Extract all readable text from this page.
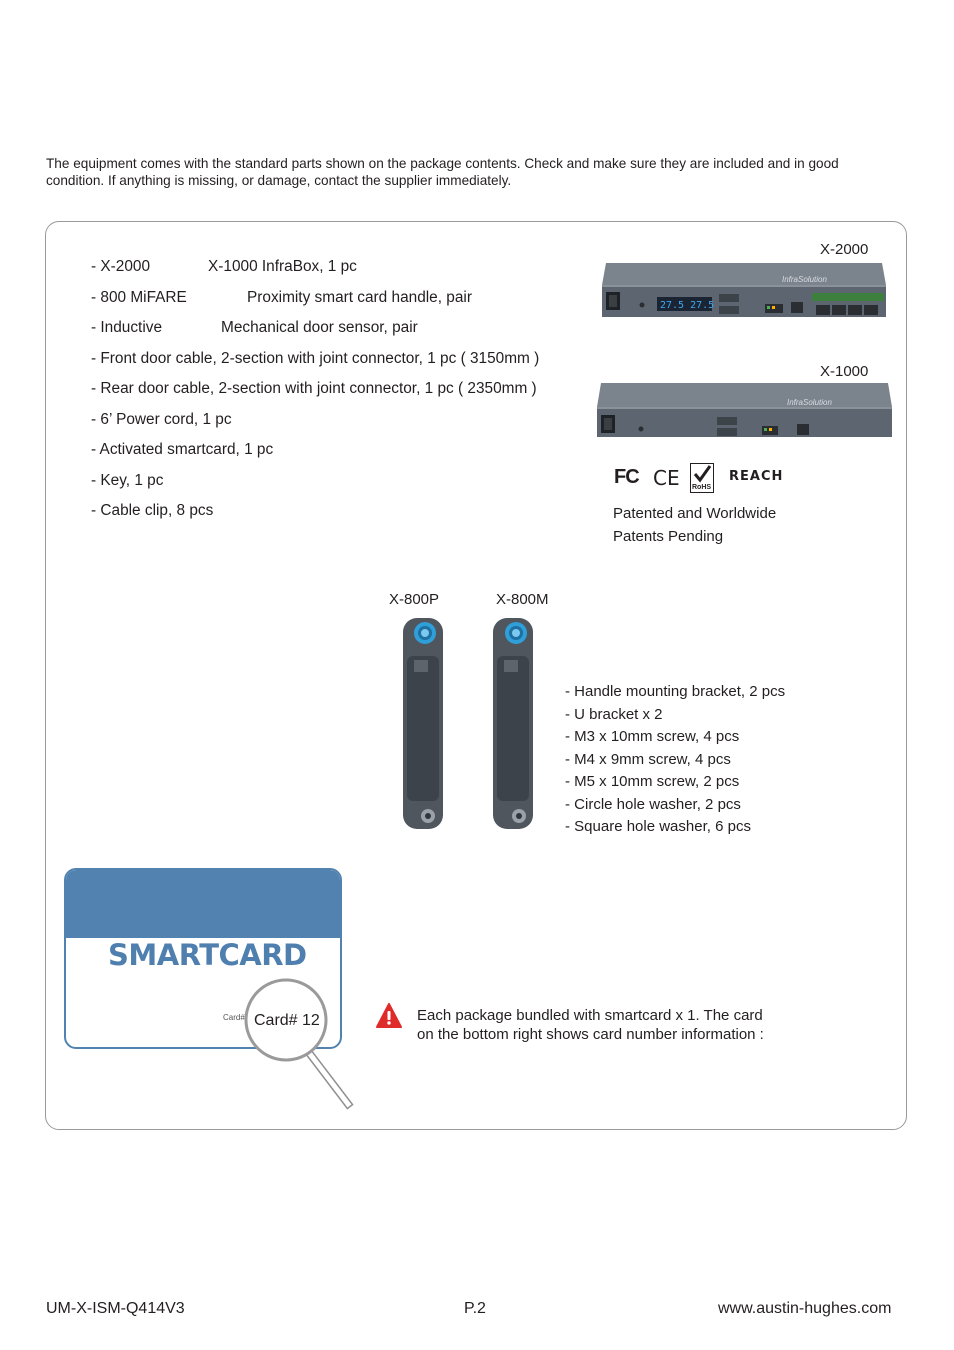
The equipment comes with the standard parts shown on the package contents. Check and make sure they are included and in good
condition. If anything is missing, or damage, contact the supplier immediately.
- X-2000	X-1000 InfraBox, 1 pc
- 800 MiFARE	Proximity smart card handle, pair
- Inductive	Mechanical door sensor, pair
- Front door cable, 2-section with joint connector, 1 pc ( 3150mm )
- Rear door cable, 2-section with joint connector, 1 pc ( 2350mm )
- 6’ Power cord, 1 pc
- Activated smartcard, 1 pc
- Key, 1 pc
- Cable clip, 8 pcs
X-2000
X-1000
27.5 27.5
InfraSolution
InfraSolution
FC CE RoHS
REACH
Patented and Worldwide
Patents Pending
X-800P	X-800M
- Handle mounting bracket, 2 pcs
- U bracket x 2
- M3 x 10mm screw, 4 pcs
- M4 x 9mm screw, 4 pcs
- M5 x 10mm screw, 2 pcs
- Circle hole washer, 2 pcs
- Square hole washer, 6 pcs
SMARTCARD
Card# Card# 12	Each package bundled with smartcard x 1. The card
on the bottom right shows card number information :
UM-X-ISM-Q414V3	P.2	www.austin-hughes.com
